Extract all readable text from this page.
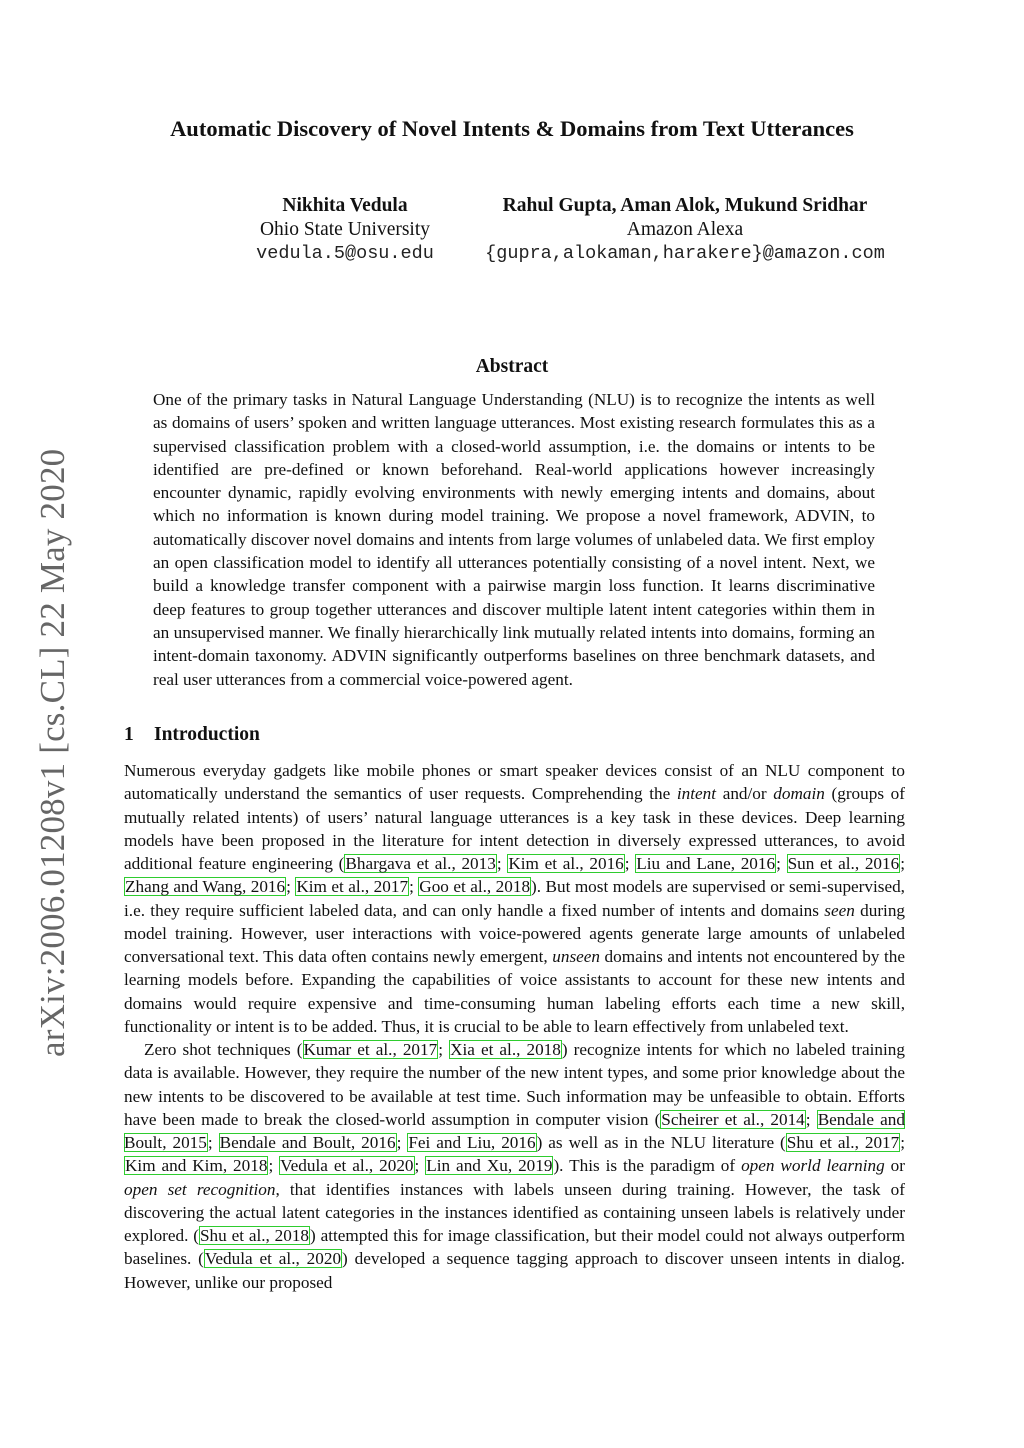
arXiv:2006.01208v1 [cs.CL] 22 May 2020
Automatic Discovery of Novel Intents & Domains from Text Utterances
Nikhita Vedula
Ohio State University
vedula.5@osu.edu
Rahul Gupta, Aman Alok, Mukund Sridhar
Amazon Alexa
{gupra,alokaman,harakere}@amazon.com
Abstract
One of the primary tasks in Natural Language Understanding (NLU) is to recognize the intents as well as domains of users’ spoken and written language utterances. Most existing research formulates this as a supervised classification problem with a closed-world assumption, i.e. the domains or intents to be identified are pre-defined or known beforehand. Real-world applications however increasingly encounter dynamic, rapidly evolving environments with newly emerging intents and domains, about which no information is known during model training. We propose a novel framework, ADVIN, to automatically discover novel domains and intents from large volumes of unlabeled data. We first employ an open classification model to identify all utterances potentially consisting of a novel intent. Next, we build a knowledge transfer component with a pairwise margin loss function. It learns discriminative deep features to group together utterances and discover multiple latent intent categories within them in an unsupervised manner. We finally hierarchically link mutually related intents into domains, forming an intent-domain taxonomy. ADVIN significantly outperforms baselines on three benchmark datasets, and real user utterances from a commercial voice-powered agent.
1 Introduction

Numerous everyday gadgets like mobile phones or smart speaker devices consist of an NLU component to automatically understand the semantics of user requests. Comprehending the intent and/or domain (groups of mutually related intents) of users’ natural language utterances is a key task in these devices. Deep learning models have been proposed in the literature for intent detection in diversely expressed utterances, to avoid additional feature engineering (Bhargava et al., 2013; Kim et al., 2016; Liu and Lane, 2016; Sun et al., 2016; Zhang and Wang, 2016; Kim et al., 2017; Goo et al., 2018). But most models are supervised or semi-supervised, i.e. they require sufficient labeled data, and can only handle a fixed number of intents and domains seen during model training. However, user interactions with voice-powered agents generate large amounts of unlabeled conversational text. This data often contains newly emergent, unseen domains and intents not encountered by the learning models before. Expanding the capabilities of voice assistants to account for these new intents and domains would require expensive and time-consuming human labeling efforts each time a new skill, functionality or intent is to be added. Thus, it is crucial to be able to learn effectively from unlabeled text.

Zero shot techniques (Kumar et al., 2017; Xia et al., 2018) recognize intents for which no labeled training data is available. However, they require the number of the new intent types, and some prior knowledge about the new intents to be discovered to be available at test time. Such information may be unfeasible to obtain. Efforts have been made to break the closed-world assumption in computer vision (Scheirer et al., 2014; Bendale and Boult, 2015; Bendale and Boult, 2016; Fei and Liu, 2016) as well as in the NLU literature (Shu et al., 2017; Kim and Kim, 2018; Vedula et al., 2020; Lin and Xu, 2019). This is the paradigm of open world learning or open set recognition, that identifies instances with labels unseen during training. However, the task of discovering the actual latent categories in the instances identified as containing unseen labels is relatively under explored. (Shu et al., 2018) attempted this for image classification, but their model could not always outperform baselines. (Vedula et al., 2020) developed a sequence tagging approach to discover unseen intents in dialog. However, unlike our proposed
